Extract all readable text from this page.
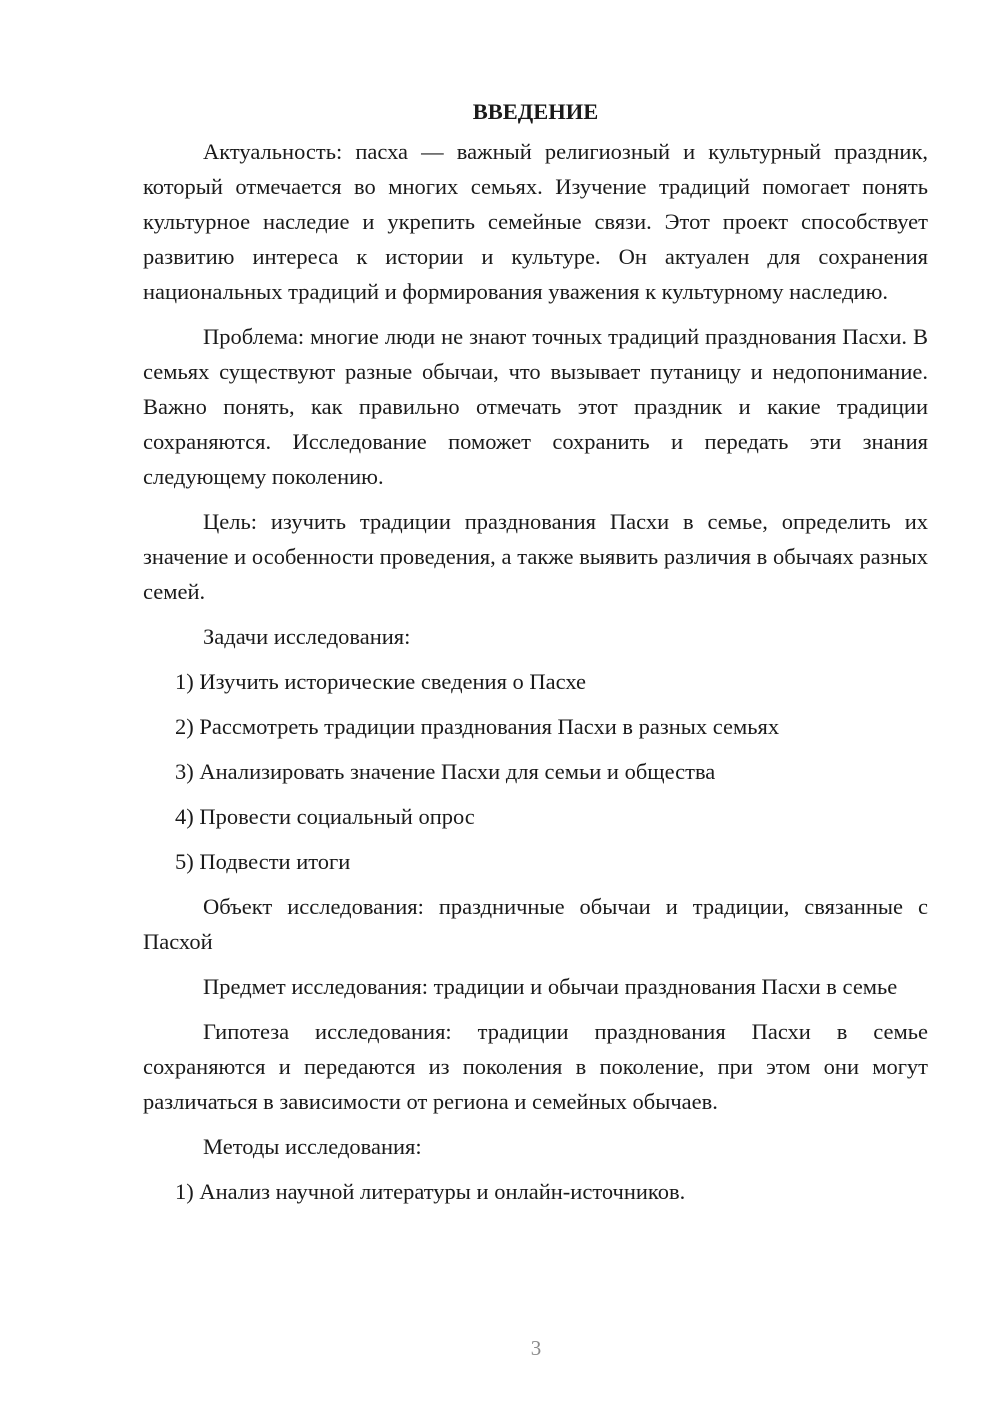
ВВЕДЕНИЕ

Актуальность: пасха — важный религиозный и культурный праздник, который отмечается во многих семьях. Изучение традиций помогает понять культурное наследие и укрепить семейные связи. Этот проект способствует развитию интереса к истории и культуре. Он актуален для сохранения национальных традиций и формирования уважения к культурному наследию.

Проблема: многие люди не знают точных традиций празднования Пасхи. В семьях существуют разные обычаи, что вызывает путаницу и недопонимание. Важно понять, как правильно отмечать этот праздник и какие традиции сохраняются. Исследование поможет сохранить и передать эти знания следующему поколению.

Цель: изучить традиции празднования Пасхи в семье, определить их значение и особенности проведения, а также выявить различия в обычаях разных семей.

Задачи исследования:

1) Изучить исторические сведения о Пасхе
2) Рассмотреть традиции празднования Пасхи в разных семьях
3) Анализировать значение Пасхи для семьи и общества
4) Провести социальный опрос
5) Подвести итоги

Объект исследования: праздничные обычаи и традиции, связанные с Пасхой

Предмет исследования: традиции и обычаи празднования Пасхи в семье

Гипотеза исследования: традиции празднования Пасхи в семье сохраняются и передаются из поколения в поколение, при этом они могут различаться в зависимости от региона и семейных обычаев.

Методы исследования:

1) Анализ научной литературы и онлайн-источников.
3
